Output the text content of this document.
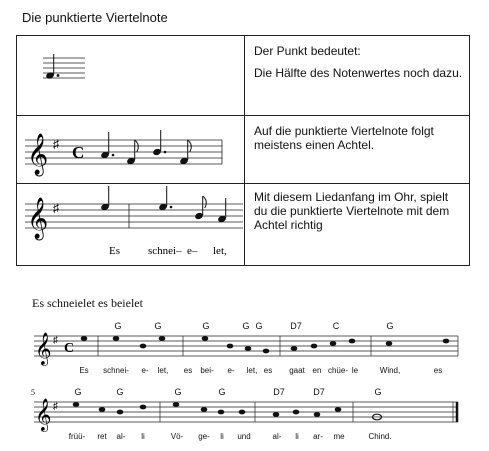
Die punktierte Viertelnote

Der Punkt bedeutet:

Die Hälfte des Notenwertes noch dazu.

𝄞 ♯ C

Auf die punktierte Viertelnote folgt meistens einen Achtel.

𝄞 ♯
Es	schnei– e– let,

Mit diesem Liedanfang im Ohr, spielt du die punktierte Viertelnote mit dem Achtel richtig

Es schneielet es beielet
𝄞 ♯
C
G	G	G	G G	D7	C	G
Es schnei- e- let, es bei- e- let, es gaat en chüe- le	Wind,	es
5
𝄞 ♯
G	G	G	G	D7	D7	G
früü- ret al- li	Vö- ge- li und	al- li ar- me	Chind.
